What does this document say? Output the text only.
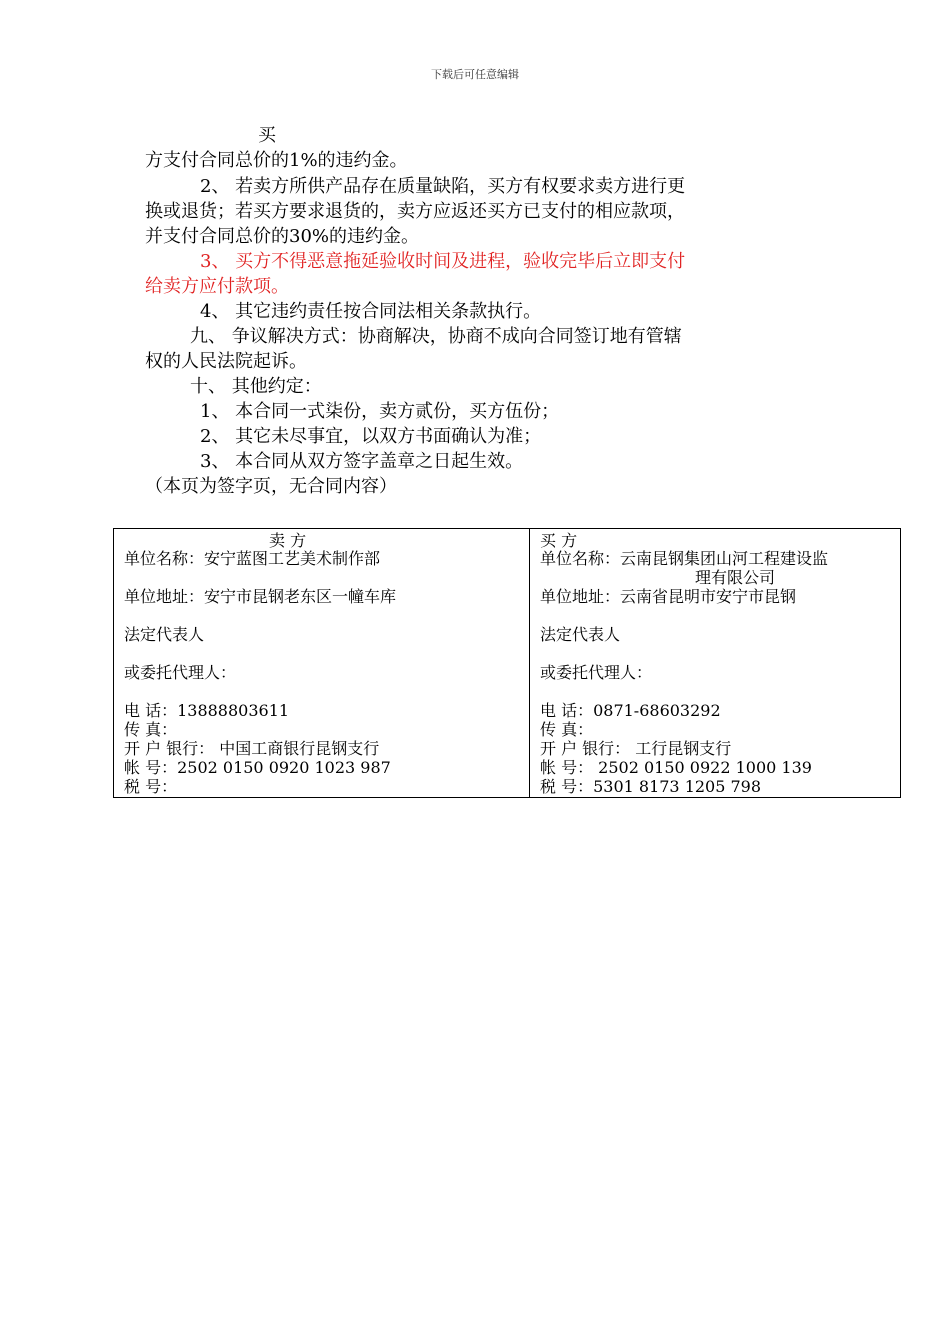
下载后可任意编辑
买
方支付合同总价的1%的违约金。
2、 若卖方所供产品存在质量缺陷，买方有权要求卖方进行更
换或退货；若买方要求退货的，卖方应返还买方已支付的相应款项，
并支付合同总价的30%的违约金。
3、 买方不得恶意拖延验收时间及进程，验收完毕后立即支付
给卖方应付款项。
4、 其它违约责任按合同法相关条款执行。
九、 争议解决方式：协商解决，协商不成向合同签订地有管辖
权的人民法院起诉。
十、 其他约定：
1、 本合同一式柒份，卖方贰份，买方伍份；
2、 其它未尽事宜，以双方书面确认为准；
3、 本合同从双方签字盖章之日起生效。
（本页为签字页，无合同内容）
卖 方
单位名称：安宁蓝图工艺美术制作部
单位地址：安宁市昆钢老东区一幢车库
法定代表人
或委托代理人：
电 话：13888803611
传 真：
开 户 银行： 中国工商银行昆钢支行
帐 号：2502 0150 0920 1023 987
税 号：

买 方
单位名称：云南昆钢集团山河工程建设监
理有限公司
单位地址：云南省昆明市安宁市昆钢
法定代表人
或委托代理人：
电 话：0871-68603292
传 真：
开 户 银行： 工行昆钢支行
帐 号： 2502 0150 0922 1000 139
税 号：5301 8173 1205 798
